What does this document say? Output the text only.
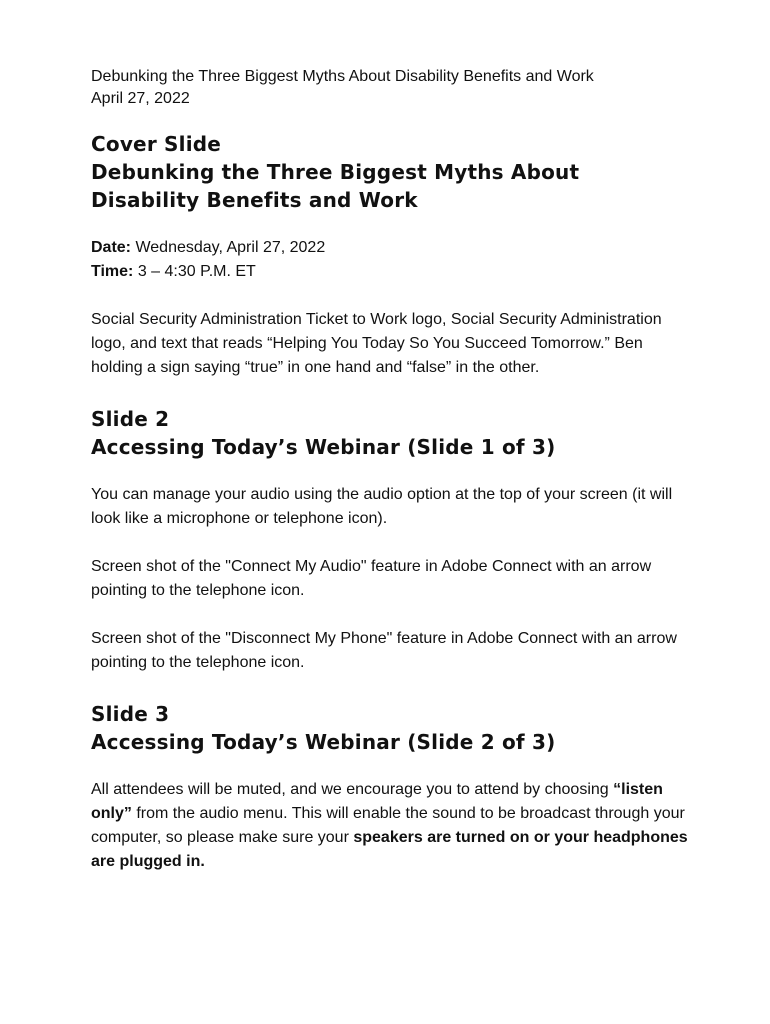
Debunking the Three Biggest Myths About Disability Benefits and Work
April 27, 2022
Cover Slide
Debunking the Three Biggest Myths About
Disability Benefits and Work

Date: Wednesday, April 27, 2022

Time: 3 – 4:30 P.M. ET

Social Security Administration Ticket to Work logo, Social Security Administration logo, and text that reads “Helping You Today So You Succeed Tomorrow.” Ben holding a sign saying “true” in one hand and “false” in the other.

Slide 2
Accessing Today’s Webinar (Slide 1 of 3)

You can manage your audio using the audio option at the top of your screen (it will look like a microphone or telephone icon).

Screen shot of the "Connect My Audio" feature in Adobe Connect with an arrow pointing to the telephone icon.

Screen shot of the "Disconnect My Phone" feature in Adobe Connect with an arrow pointing to the telephone icon.

Slide 3
Accessing Today’s Webinar (Slide 2 of 3)

All attendees will be muted, and we encourage you to attend by choosing “listen only” from the audio menu. This will enable the sound to be broadcast through your computer, so please make sure your speakers are turned on or your headphones are plugged in.
